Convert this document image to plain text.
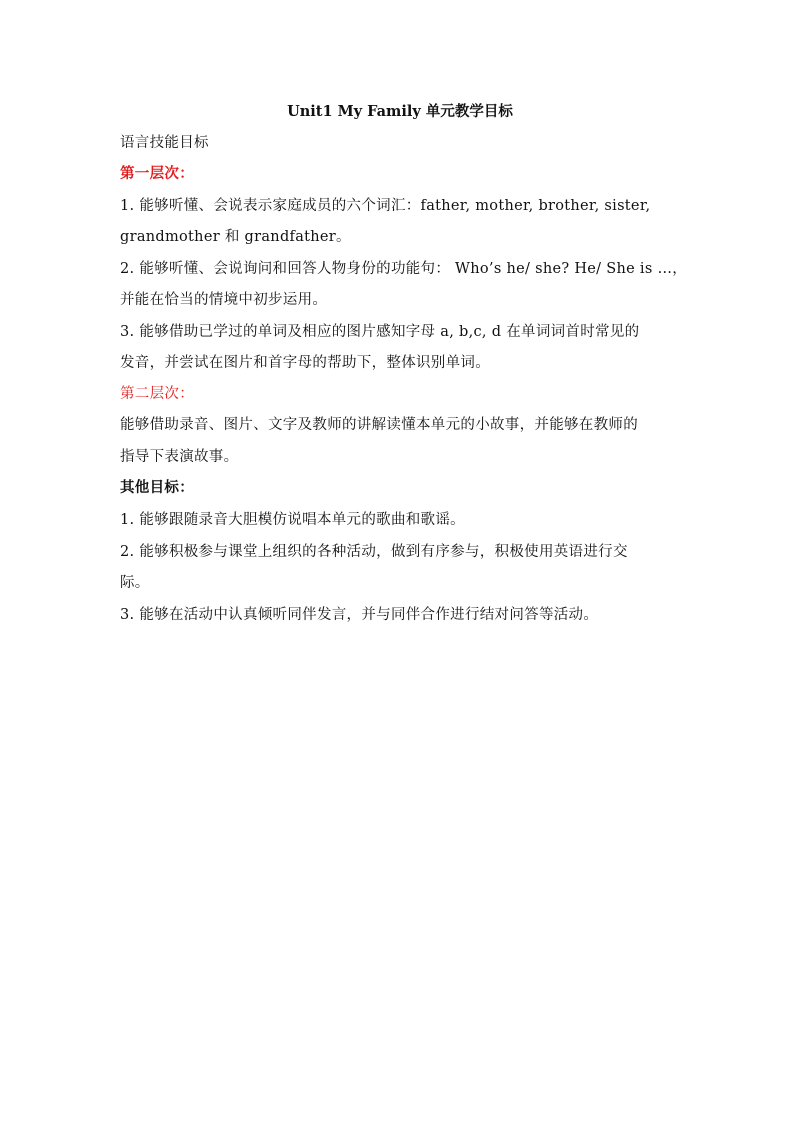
Unit1 My Family 单元教学目标
语言技能目标
第一层次：
1. 能够听懂、会说表示家庭成员的六个词汇：father, mother, brother, sister,
grandmother 和 grandfather。
2. 能够听懂、会说询问和回答人物身份的功能句： Who’s he/ she? He/ She is …，
并能在恰当的情境中初步运用。
3. 能够借助已学过的单词及相应的图片感知字母 a, b,c, d 在单词词首时常见的
发音，并尝试在图片和首字母的帮助下，整体识别单词。
第二层次：
能够借助录音、图片、文字及教师的讲解读懂本单元的小故事，并能够在教师的
指导下表演故事。
其他目标：
1. 能够跟随录音大胆模仿说唱本单元的歌曲和歌谣。
2. 能够积极参与课堂上组织的各种活动，做到有序参与，积极使用英语进行交
际。
3. 能够在活动中认真倾听同伴发言，并与同伴合作进行结对问答等活动。
